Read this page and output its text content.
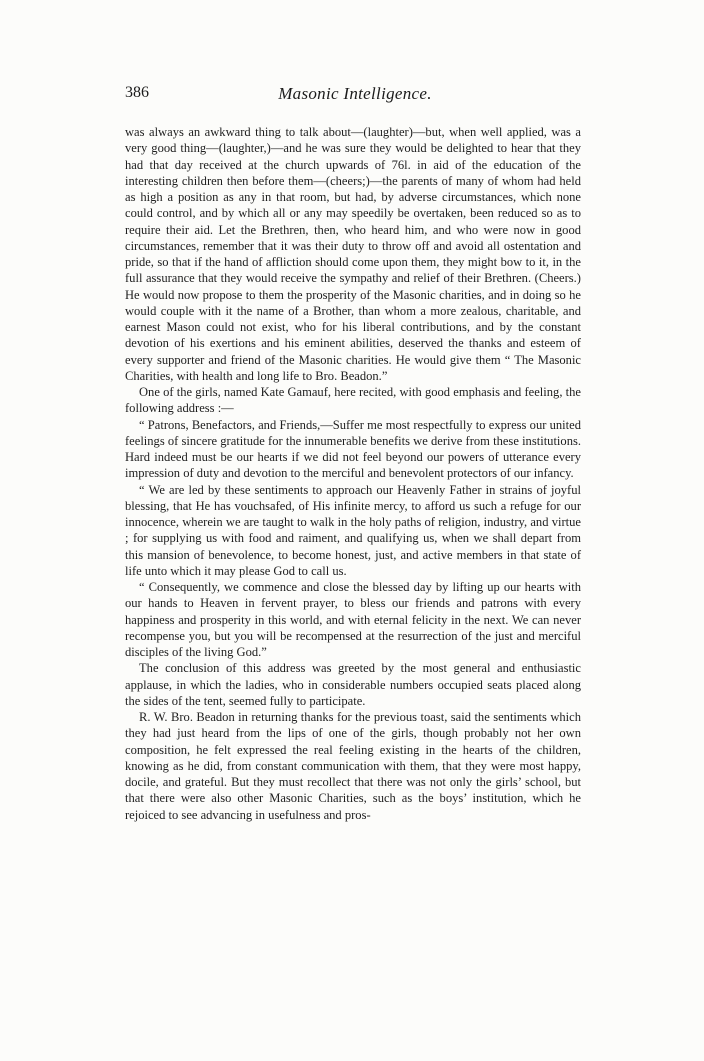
386	Masonic Intelligence.

was always an awkward thing to talk about—(laughter)—but, when well applied, was a very good thing—(laughter,)—and he was sure they would be delighted to hear that they had that day received at the church upwards of 76l. in aid of the education of the interesting children then before them—(cheers;)—the parents of many of whom had held as high a position as any in that room, but had, by adverse circumstances, which none could control, and by which all or any may speedily be overtaken, been reduced so as to require their aid. Let the Brethren, then, who heard him, and who were now in good circumstances, remember that it was their duty to throw off and avoid all ostentation and pride, so that if the hand of affliction should come upon them, they might bow to it, in the full assurance that they would receive the sympathy and relief of their Brethren. (Cheers.) He would now propose to them the prosperity of the Masonic charities, and in doing so he would couple with it the name of a Brother, than whom a more zealous, charitable, and earnest Mason could not exist, who for his liberal contributions, and by the constant devotion of his exertions and his eminent abilities, deserved the thanks and esteem of every supporter and friend of the Masonic charities. He would give them “ The Masonic Charities, with health and long life to Bro. Beadon.”

One of the girls, named Kate Gamauf, here recited, with good emphasis and feeling, the following address :—

“ Patrons, Benefactors, and Friends,—Suffer me most respectfully to express our united feelings of sincere gratitude for the innumerable benefits we derive from these institutions. Hard indeed must be our hearts if we did not feel beyond our powers of utterance every impression of duty and devotion to the merciful and benevolent protectors of our infancy.

“ We are led by these sentiments to approach our Heavenly Father in strains of joyful blessing, that He has vouchsafed, of His infinite mercy, to afford us such a refuge for our innocence, wherein we are taught to walk in the holy paths of religion, industry, and virtue ; for supplying us with food and raiment, and qualifying us, when we shall depart from this mansion of benevolence, to become honest, just, and active members in that state of life unto which it may please God to call us.

“ Consequently, we commence and close the blessed day by lifting up our hearts with our hands to Heaven in fervent prayer, to bless our friends and patrons with every happiness and prosperity in this world, and with eternal felicity in the next. We can never recompense you, but you will be recompensed at the resurrection of the just and merciful disciples of the living God.”

The conclusion of this address was greeted by the most general and enthusiastic applause, in which the ladies, who in considerable numbers occupied seats placed along the sides of the tent, seemed fully to participate.

R. W. Bro. Beadon in returning thanks for the previous toast, said the sentiments which they had just heard from the lips of one of the girls, though probably not her own composition, he felt expressed the real feeling existing in the hearts of the children, knowing as he did, from constant communication with them, that they were most happy, docile, and grateful. But they must recollect that there was not only the girls’ school, but that there were also other Masonic Charities, such as the boys’ institution, which he rejoiced to see advancing in usefulness and pros-
